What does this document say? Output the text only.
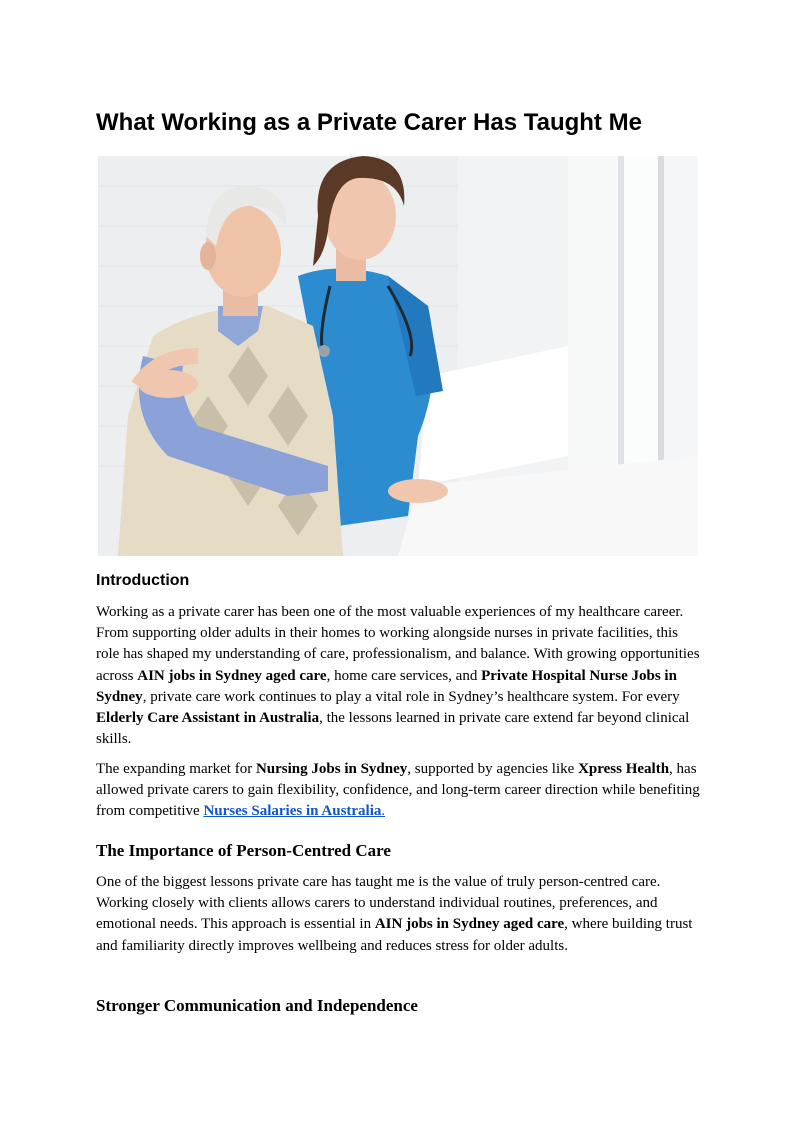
What Working as a Private Carer Has Taught Me
Introduction

Working as a private carer has been one of the most valuable experiences of my healthcare career. From supporting older adults in their homes to working alongside nurses in private facilities, this role has shaped my understanding of care, professionalism, and balance. With growing opportunities across AIN jobs in Sydney aged care, home care services, and Private Hospital Nurse Jobs in Sydney, private care work continues to play a vital role in Sydney’s healthcare system. For every Elderly Care Assistant in Australia, the lessons learned in private care extend far beyond clinical skills.

The expanding market for Nursing Jobs in Sydney, supported by agencies like Xpress Health, has allowed private carers to gain flexibility, confidence, and long-term career direction while benefiting from competitive Nurses Salaries in Australia.

The Importance of Person-Centred Care

One of the biggest lessons private care has taught me is the value of truly person-centred care. Working closely with clients allows carers to understand individual routines, preferences, and emotional needs. This approach is essential in AIN jobs in Sydney aged care, where building trust and familiarity directly improves wellbeing and reduces stress for older adults.

Stronger Communication and Independence
